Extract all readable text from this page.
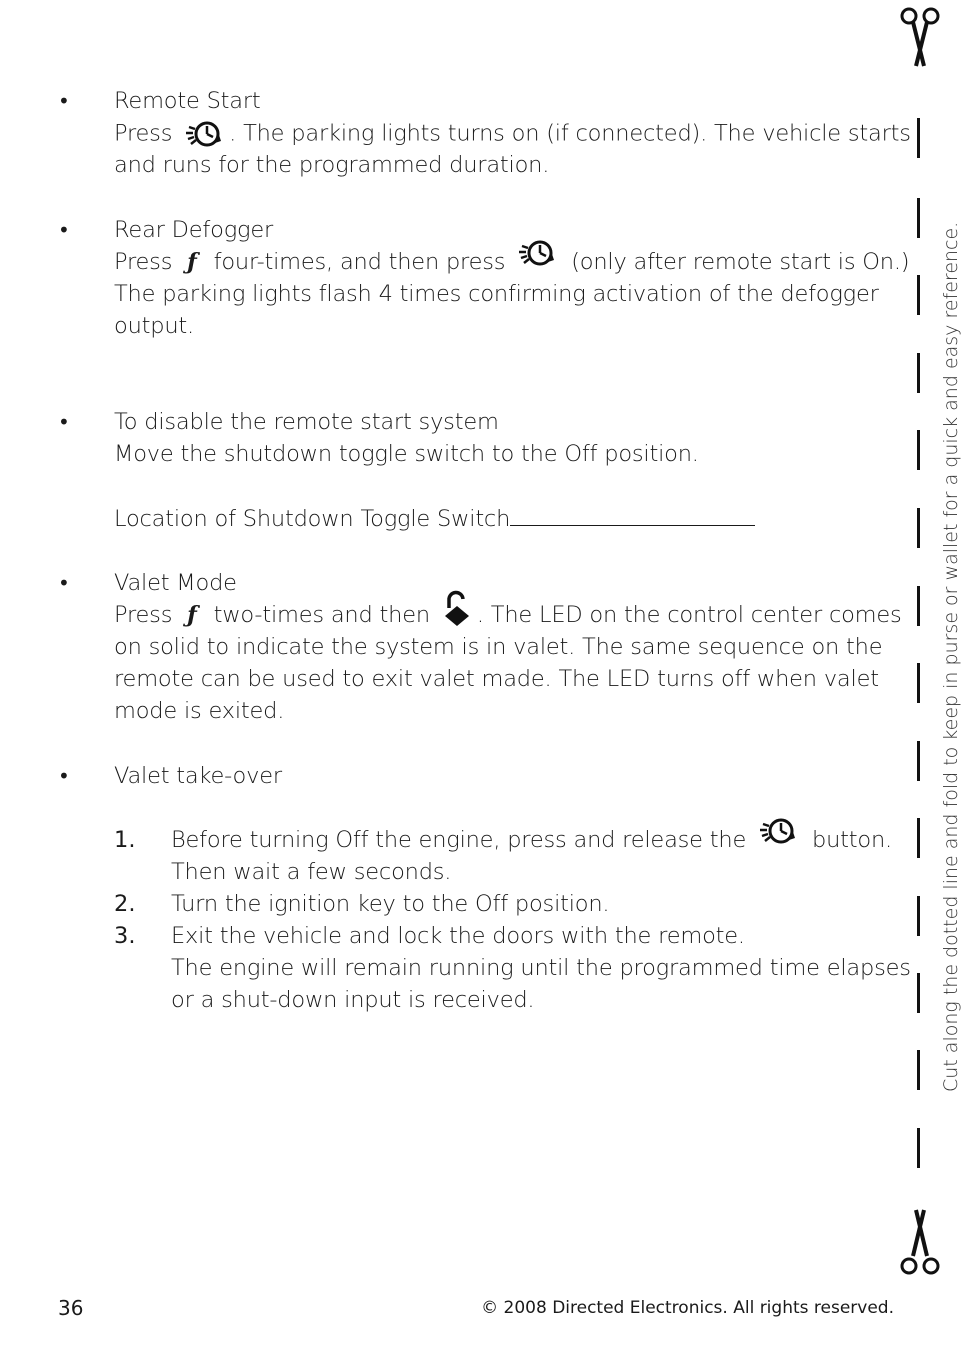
• Remote Start
Press	. The parking lights turns on (if connected). The vehicle starts
and runs for the programmed duration.
• Rear Defogger
Press ƒ four-times, and then press	(only after remote start is On.)
The parking lights flash 4 times confirming activation of the defogger
output.
• To disable the remote start system
Move the shutdown toggle switch to the Off position.
Location of Shutdown Toggle Switch
• Valet Mode
Press ƒ two-times and then . The LED on the control center comes
on solid to indicate the system is in valet. The same sequence on the
remote can be used to exit valet made. The LED turns off when valet
mode is exited.
• Valet take-over
1. Before turning Off the engine, press and release the	button.
Then wait a few seconds.
2. Turn the ignition key to the Off position.
3. Exit the vehicle and lock the doors with the remote.
The engine will remain running until the programmed time elapses
or a shut-down input is received.	Cut along the dotted line and fold to keep in purse or wallet for a quick and easy reference.
36	© 2008 Directed Electronics. All rights reserved.
